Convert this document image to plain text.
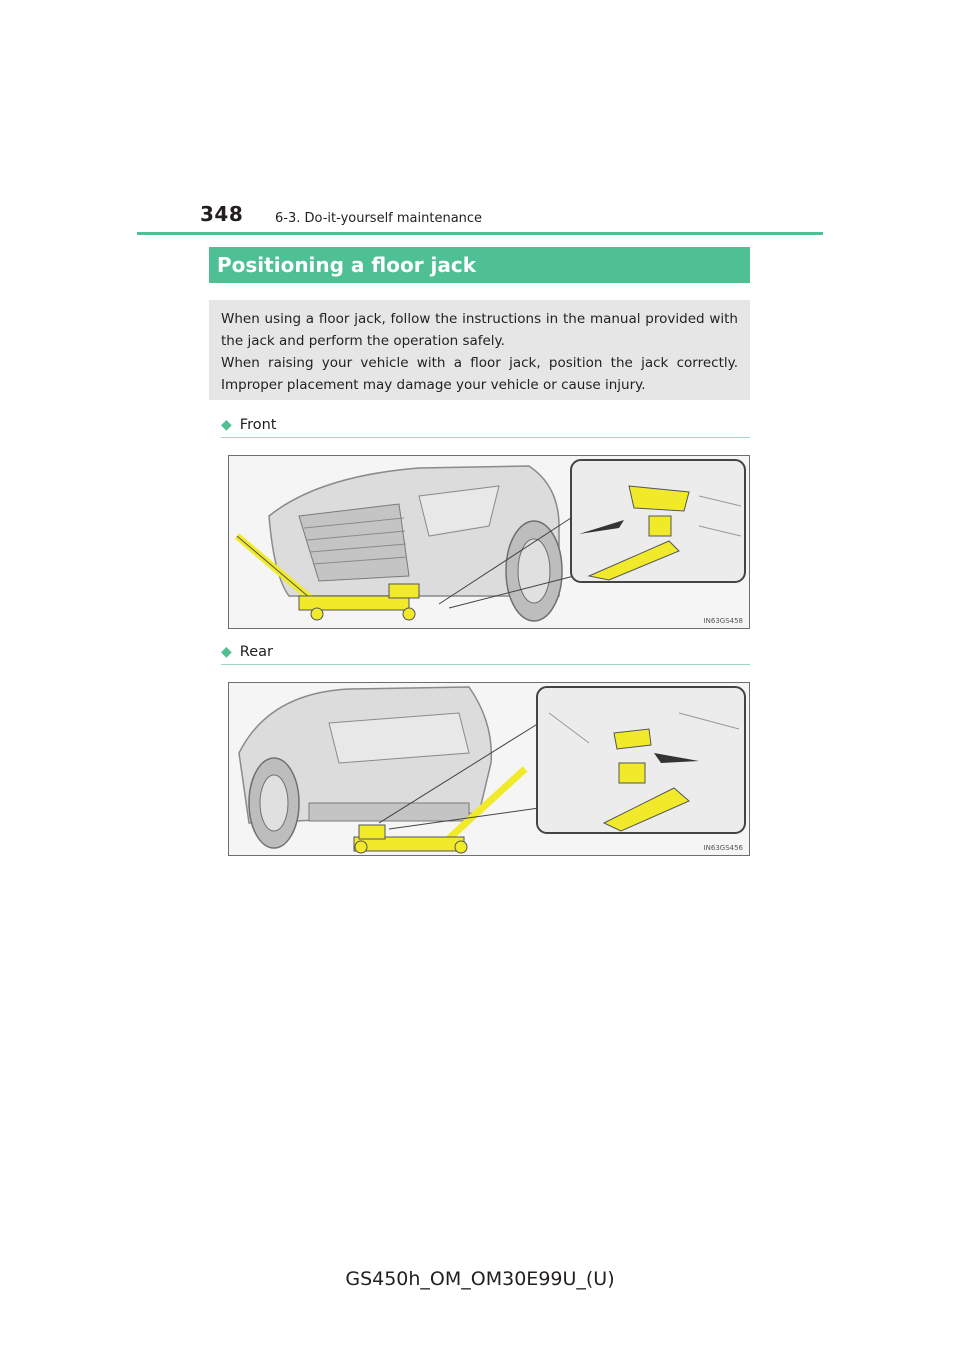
348 6-3. Do-it-yourself maintenance
Positioning a floor jack

When using a floor jack, follow the instructions in the manual provided with the jack and perform the operation safely.

When raising your vehicle with a floor jack, position the jack correctly. Improper placement may damage your vehicle or cause injury.

◆ Front
IN63GS458
◆ Rear
IN63GS456
GS450h_OM_OM30E99U_(U)
